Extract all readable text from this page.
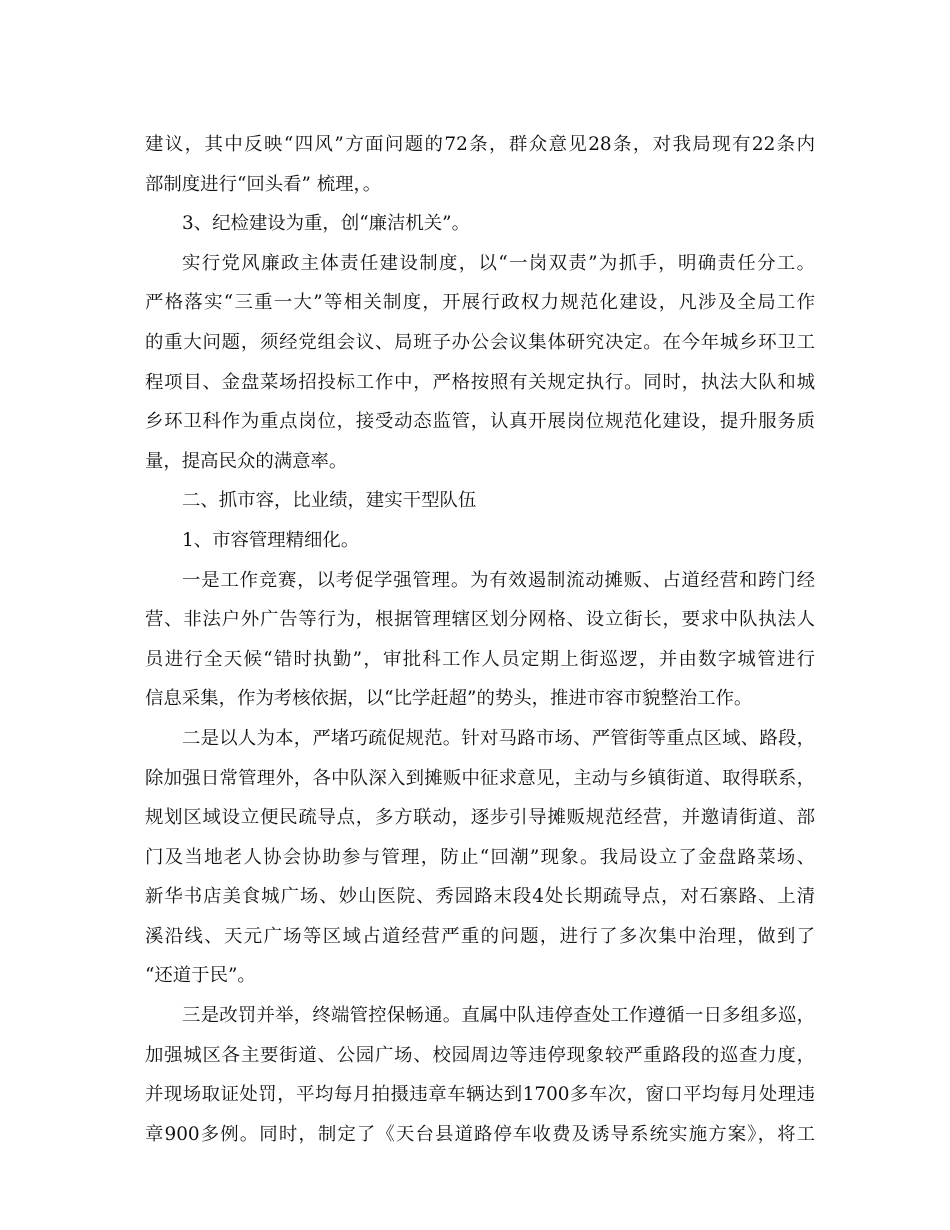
建议，其中反映“四风”方面问题的72条，群众意见28条，对我局现有22条内
部制度进行“回头看” 梳理，。
3、纪检建设为重，创“廉洁机关”。
实行党风廉政主体责任建设制度，以“一岗双责”为抓手，明确责任分工。
严格落实“三重一大”等相关制度，开展行政权力规范化建设，凡涉及全局工作
的重大问题，须经党组会议、局班子办公会议集体研究决定。在今年城乡环卫工
程项目、金盘菜场招投标工作中，严格按照有关规定执行。同时，执法大队和城
乡环卫科作为重点岗位，接受动态监管，认真开展岗位规范化建设，提升服务质
量，提高民众的满意率。
二、抓市容，比业绩，建实干型队伍
1、市容管理精细化。
一是工作竞赛，以考促学强管理。为有效遏制流动摊贩、占道经营和跨门经
营、非法户外广告等行为，根据管理辖区划分网格、设立街长，要求中队执法人
员进行全天候“错时执勤”，审批科工作人员定期上街巡逻，并由数字城管进行
信息采集，作为考核依据，以“比学赶超”的势头，推进市容市貌整治工作。
二是以人为本，严堵巧疏促规范。针对马路市场、严管街等重点区域、路段，
除加强日常管理外，各中队深入到摊贩中征求意见，主动与乡镇街道、取得联系，
规划区域设立便民疏导点，多方联动，逐步引导摊贩规范经营，并邀请街道、部
门及当地老人协会协助参与管理，防止“回潮”现象。我局设立了金盘路菜场、
新华书店美食城广场、妙山医院、秀园路末段4处长期疏导点，对石寨路、上清
溪沿线、天元广场等区域占道经营严重的问题，进行了多次集中治理，做到了
“还道于民”。
三是改罚并举，终端管控保畅通。直属中队违停查处工作遵循一日多组多巡，
加强城区各主要街道、公园广场、校园周边等违停现象较严重路段的巡查力度，
并现场取证处罚，平均每月拍摄违章车辆达到1700多车次，窗口平均每月处理违
章900多例。同时，制定了《天台县道路停车收费及诱导系统实施方案》，将工
